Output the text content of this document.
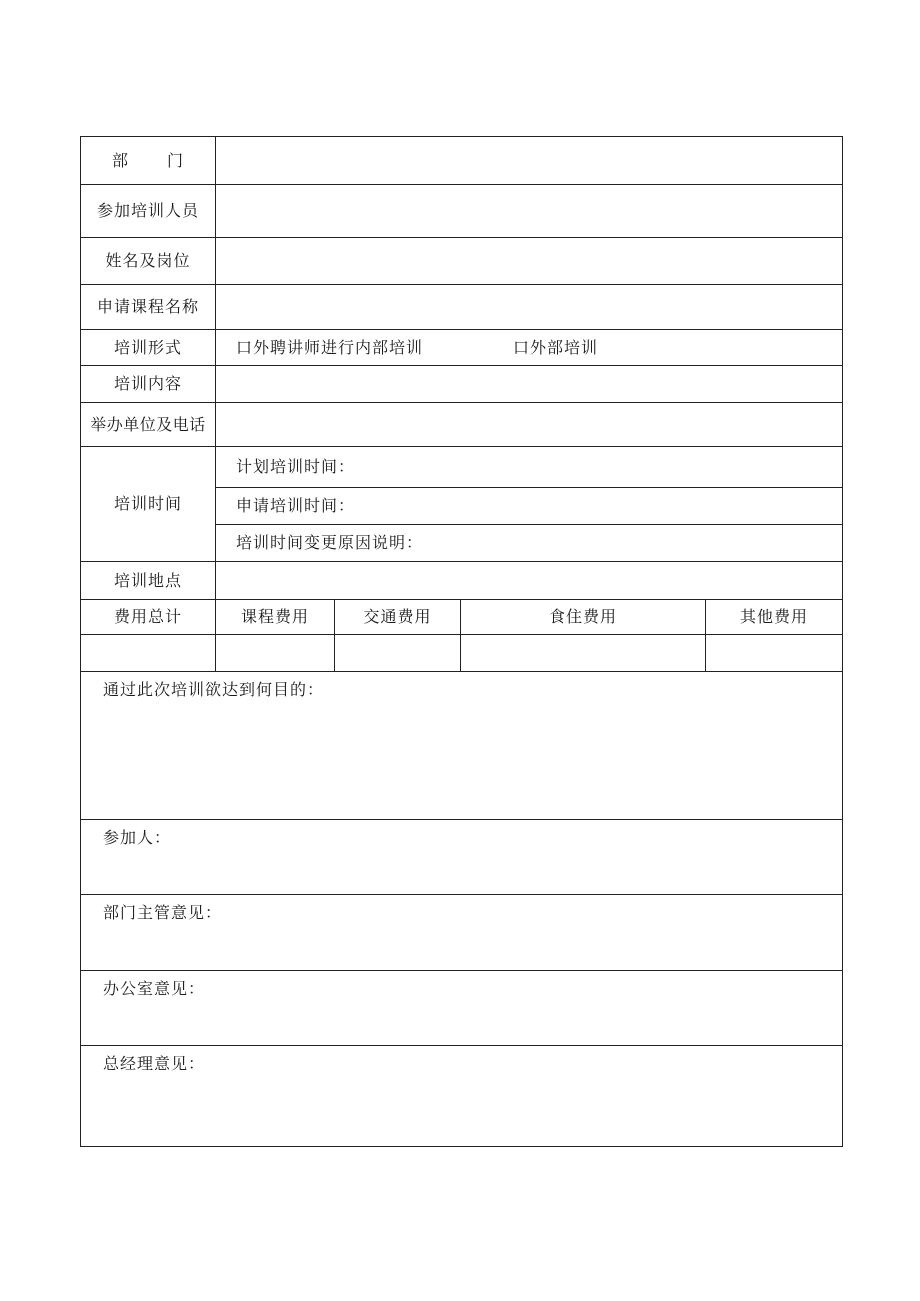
部 门				
参加培训人员				
姓名及岗位				
申请课程名称				
培训形式	口外聘讲师进行内部培训 口外部培训			
培训内容				
举办单位及电话				
培训时间	计划培训时间：			
	申请培训时间：			
	培训时间变更原因说明：			
培训地点				
费用总计	课程费用	交通费用	食住费用	其他费用

通过此次培训欲达到何目的：				
参加人：				
部门主管意见：				
办公室意见：				
总经理意见：				
